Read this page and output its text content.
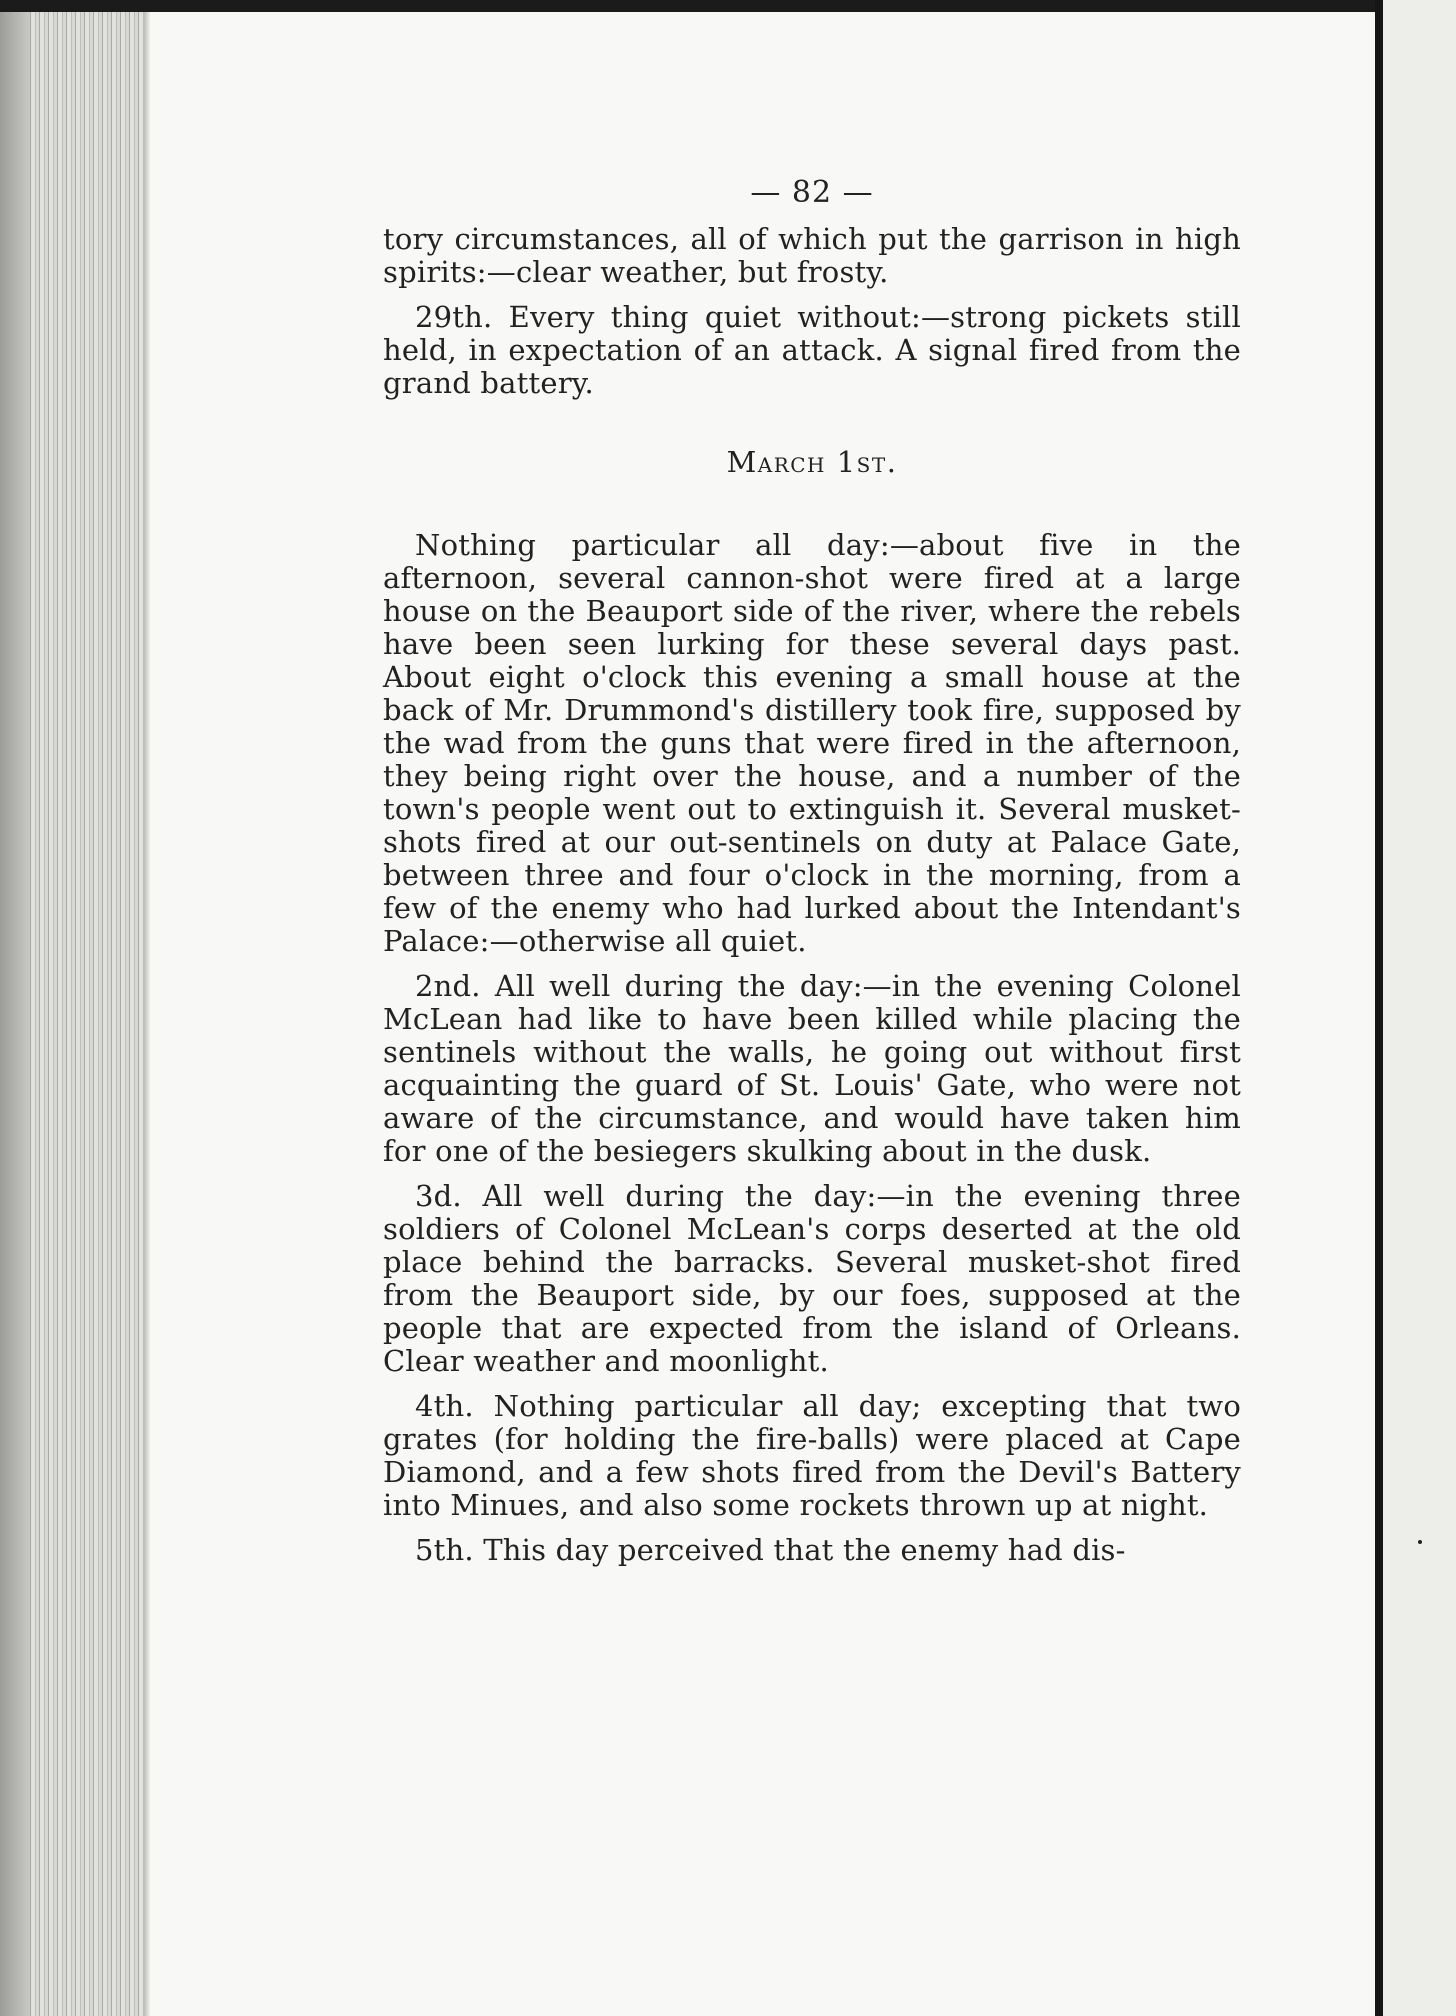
— 82 —

tory circumstances, all of which put the garrison in high spirits:—clear weather, but frosty.

29th. Every thing quiet without:—strong pickets still held, in expectation of an attack. A signal fired from the grand battery.

March 1st.

Nothing particular all day:—about five in the afternoon, several cannon-shot were fired at a large house on the Beauport side of the river, where the rebels have been seen lurking for these several days past. About eight o'clock this evening a small house at the back of Mr. Drummond's distillery took fire, supposed by the wad from the guns that were fired in the afternoon, they being right over the house, and a number of the town's people went out to extinguish it. Several musket-shots fired at our out-sentinels on duty at Palace Gate, between three and four o'clock in the morning, from a few of the enemy who had lurked about the Intendant's Palace:—otherwise all quiet.

2nd. All well during the day:—in the evening Colonel McLean had like to have been killed while placing the sentinels without the walls, he going out without first acquainting the guard of St. Louis' Gate, who were not aware of the circumstance, and would have taken him for one of the besiegers skulking about in the dusk.

3d. All well during the day:—in the evening three soldiers of Colonel McLean's corps deserted at the old place behind the barracks. Several musket-shot fired from the Beauport side, by our foes, supposed at the people that are expected from the island of Orleans. Clear weather and moonlight.

4th. Nothing particular all day; excepting that two grates (for holding the fire-balls) were placed at Cape Diamond, and a few shots fired from the Devil's Battery into Minues, and also some rockets thrown up at night.

5th. This day perceived that the enemy had dis-
